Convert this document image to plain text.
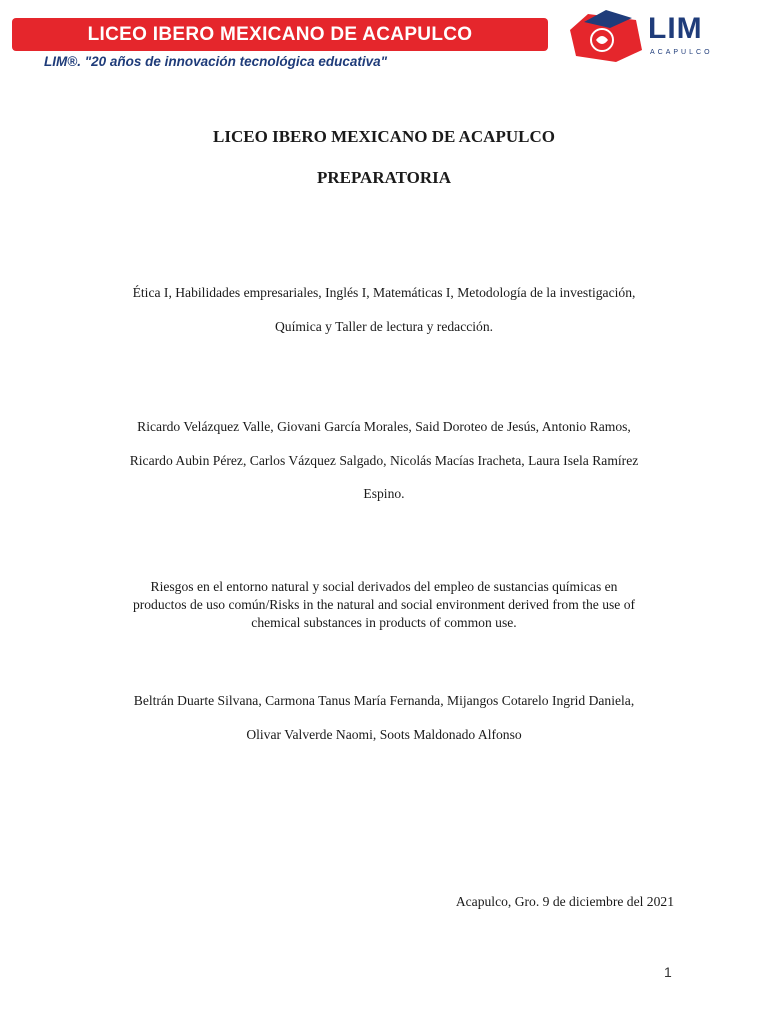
LICEO IBERO MEXICANO DE ACAPULCO
LIM®. "20 años de innovación tecnológica educativa"
LIM
ACAPULCO
LICEO IBERO MEXICANO DE ACAPULCO
PREPARATORIA
Ética I, Habilidades empresariales, Inglés I, Matemáticas I, Metodología de la investigación,
Química y Taller de lectura y redacción.
Ricardo Velázquez Valle, Giovani García Morales, Said Doroteo de Jesús, Antonio Ramos,
Ricardo Aubin Pérez, Carlos Vázquez Salgado, Nicolás Macías Iracheta, Laura Isela Ramírez
Espino.
Riesgos en el entorno natural y social derivados del empleo de sustancias químicas en
productos de uso común/Risks in the natural and social environment derived from the use of
chemical substances in products of common use.
Beltrán Duarte Silvana, Carmona Tanus María Fernanda, Mijangos Cotarelo Ingrid Daniela,
Olivar Valverde Naomi, Soots Maldonado Alfonso
Acapulco, Gro. 9 de diciembre del 2021
1
